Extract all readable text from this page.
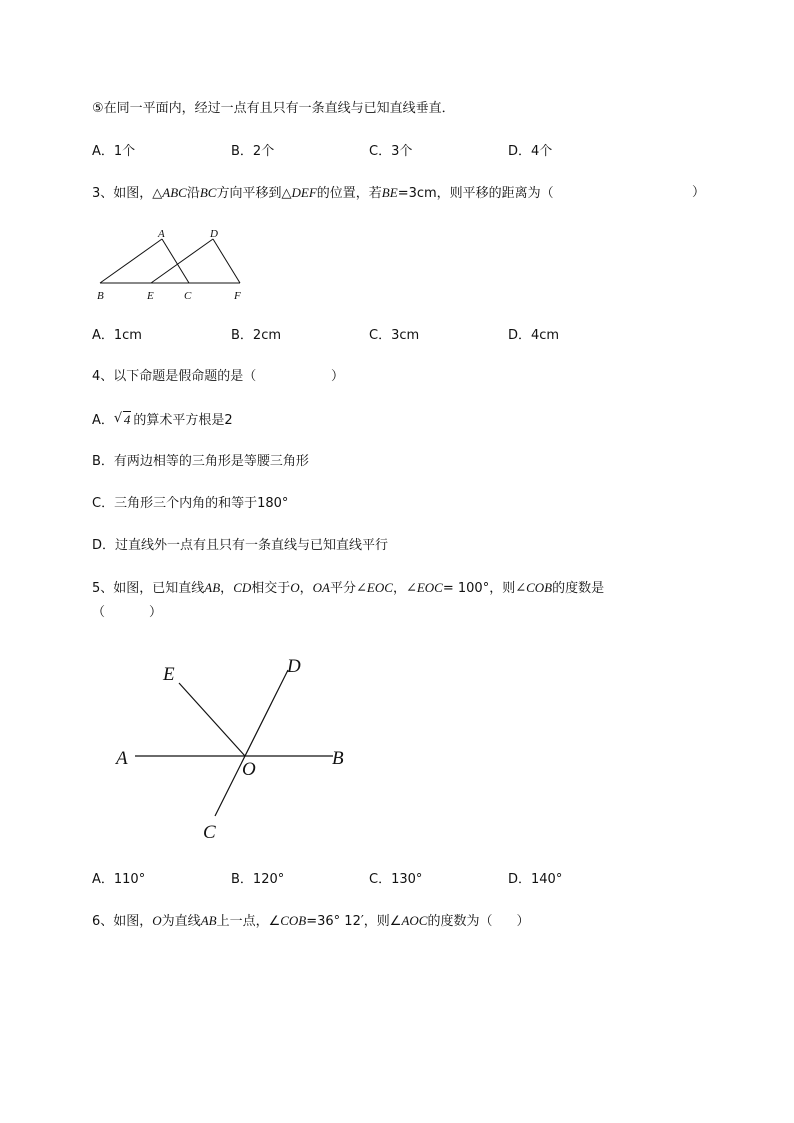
⑤在同一平面内，经过一点有且只有一条直线与已知直线垂直．
A．1个	B．2个	C．3个	D．4个
3、如图，△ABC沿BC方向平移到△DEF的位置，若BE=3cm，则平移的距离为（	）
A	D
B	E	C	F
A．1cm	B．2cm	C．3cm	D．4cm
4、以下命题是假命题的是（	）
A． √ 4 的算术平方根是2
B．有两边相等的三角形是等腰三角形
C．三角形三个内角的和等于180°
D．过直线外一点有且只有一条直线与已知直线平行
5、如图，已知直线AB，CD相交于O，OA平分∠EOC，∠EOC= 100°，则∠COB的度数是
（	）
E	D
A
O
B
C
A．110°	B．120°	C．130°	D．140°
6、如图，O为直线AB上一点，∠COB=36° 12′，则∠AOC的度数为（ ）
